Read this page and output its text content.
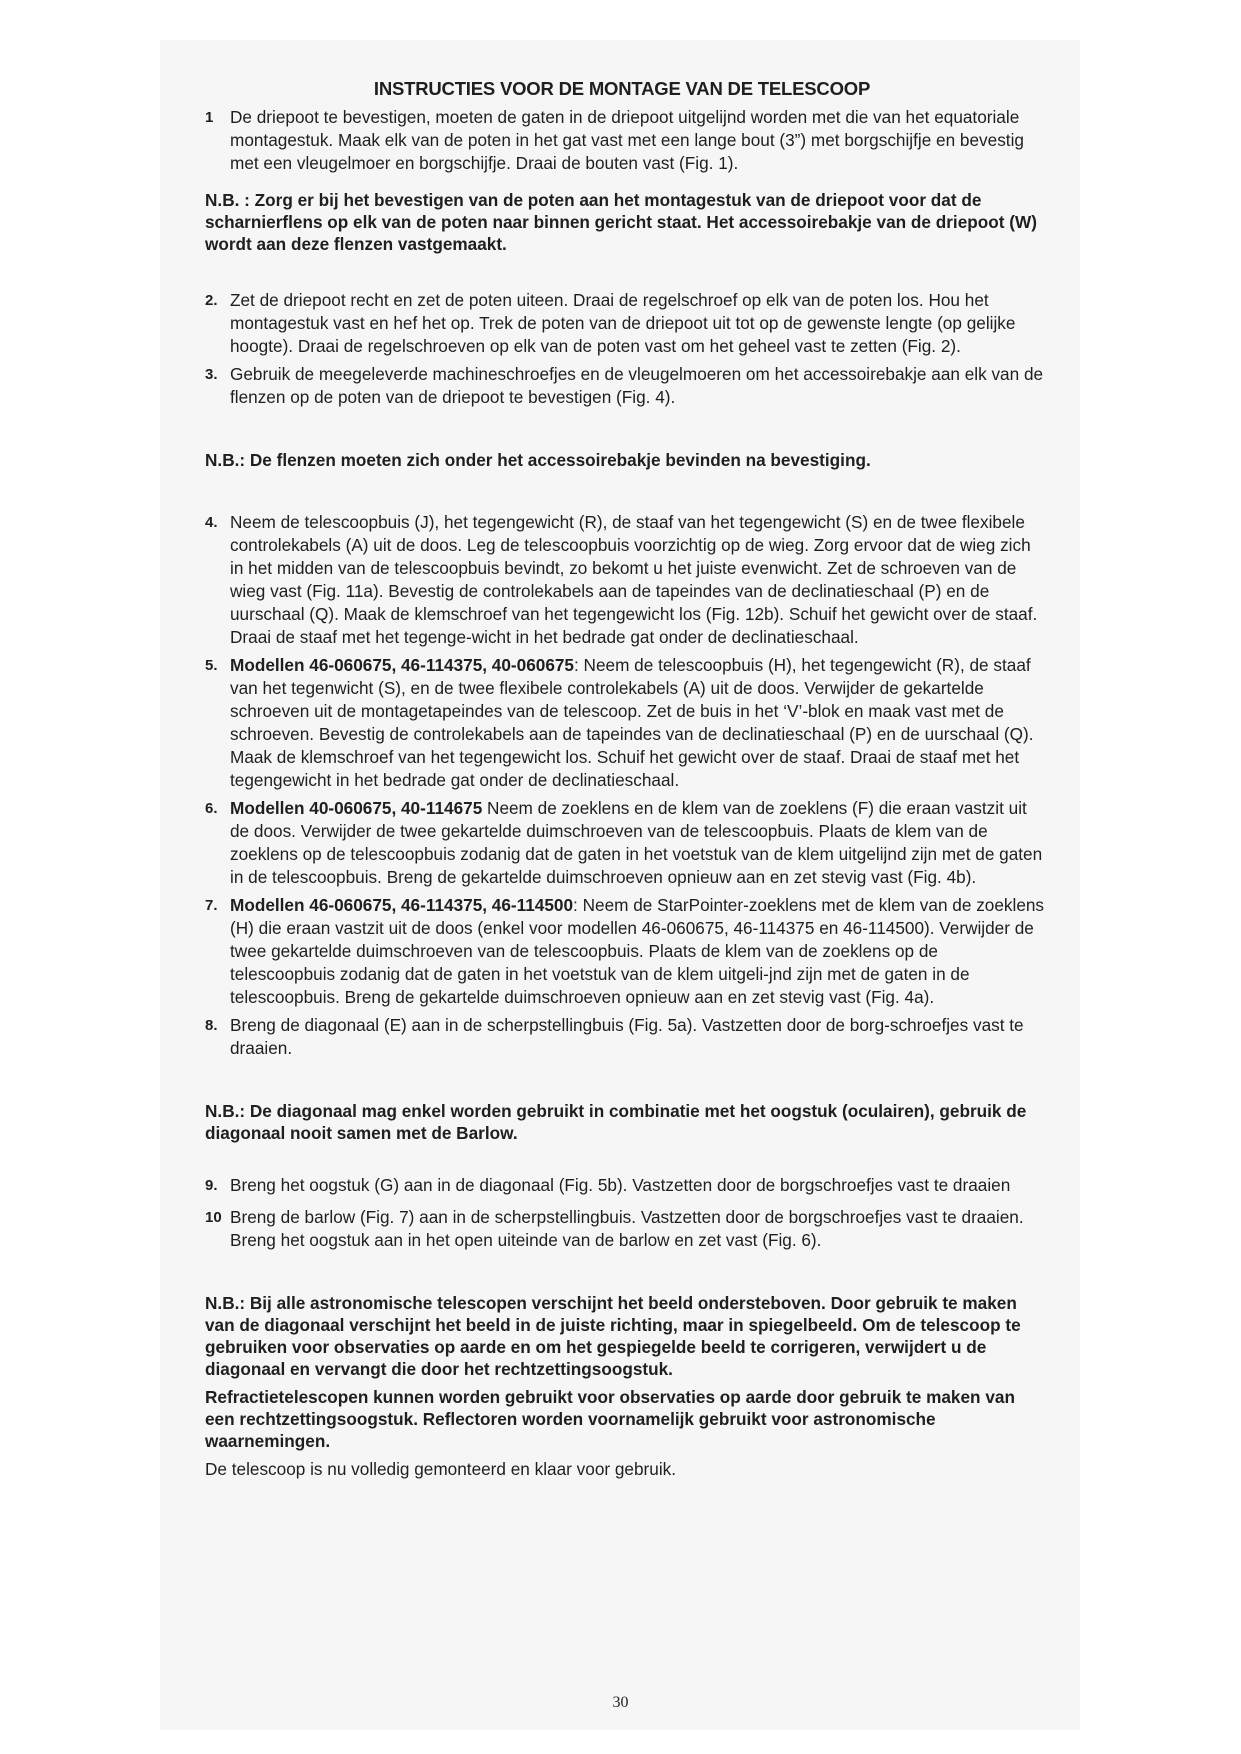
INSTRUCTIES VOOR DE MONTAGE VAN DE TELESCOOP
1 De driepoot te bevestigen, moeten de gaten in de driepoot uitgelijnd worden met die van het equatoriale montagestuk. Maak elk van de poten in het gat vast met een lange bout (3”) met borgschijfje en bevestig met een vleugelmoer en borgschijfje. Draai de bouten vast (Fig. 1).
N.B. : Zorg er bij het bevestigen van de poten aan het montagestuk van de driepoot voor dat de scharnierflens op elk van de poten naar binnen gericht staat. Het accessoirebakje van de driepoot (W) wordt aan deze flenzen vastgemaakt.
2. Zet de driepoot recht en zet de poten uiteen. Draai de regelschroef op elk van de poten los. Hou het montagestuk vast en hef het op. Trek de poten van de driepoot uit tot op de gewenste lengte (op gelijke hoogte). Draai de regelschroeven op elk van de poten vast om het geheel vast te zetten (Fig. 2).
3. Gebruik de meegeleverde machineschroefjes en de vleugelmoeren om het accessoirebakje aan elk van de flenzen op de poten van de driepoot te bevestigen (Fig. 4).
N.B.: De flenzen moeten zich onder het accessoirebakje bevinden na bevestiging.
4. Neem de telescoopbuis (J), het tegengewicht (R), de staaf van het tegengewicht (S) en de twee flexibele controlekabels (A) uit de doos. Leg de telescoopbuis voorzichtig op de wieg. Zorg ervoor dat de wieg zich in het midden van de telescoopbuis bevindt, zo bekomt u het juiste evenwicht. Zet de schroeven van de wieg vast (Fig. 11a). Bevestig de controlekabels aan de tapeindes van de declinatieschaal (P) en de uurschaal (Q). Maak de klemschroef van het tegengewicht los (Fig. 12b). Schuif het gewicht over de staaf. Draai de staaf met het tegenge-wicht in het bedrade gat onder de declinatieschaal.
5. Modellen 46-060675, 46-114375, 40-060675: Neem de telescoopbuis (H), het tegengewicht (R), de staaf van het tegenwicht (S), en de twee flexibele controlekabels (A) uit de doos. Verwijder de gekartelde schroeven uit de montagetapeindes van de telescoop. Zet de buis in het ‘V’-blok en maak vast met de schroeven. Bevestig de controlekabels aan de tapeindes van de declinatieschaal (P) en de uurschaal (Q). Maak de klemschroef van het tegengewicht los. Schuif het gewicht over de staaf. Draai de staaf met het tegengewicht in het bedrade gat onder de declinatieschaal.
6. Modellen 40-060675, 40-114675 Neem de zoeklens en de klem van de zoeklens (F) die eraan vastzit uit de doos. Verwijder de twee gekartelde duimschroeven van de telescoopbuis. Plaats de klem van de zoeklens op de telescoopbuis zodanig dat de gaten in het voetstuk van de klem uitgelijnd zijn met de gaten in de telescoopbuis. Breng de gekartelde duimschroeven opnieuw aan en zet stevig vast (Fig. 4b).
7. Modellen 46-060675, 46-114375, 46-114500: Neem de StarPointer-zoeklens met de klem van de zoeklens (H) die eraan vastzit uit de doos (enkel voor modellen 46-060675, 46-114375 en 46-114500). Verwijder de twee gekartelde duimschroeven van de telescoopbuis. Plaats de klem van de zoeklens op de telescoopbuis zodanig dat de gaten in het voetstuk van de klem uitgeli-jnd zijn met de gaten in de telescoopbuis. Breng de gekartelde duimschroeven opnieuw aan en zet stevig vast (Fig. 4a).
8. Breng de diagonaal (E) aan in de scherpstellingbuis (Fig. 5a). Vastzetten door de borg-schroefjes vast te draaien.
N.B.: De diagonaal mag enkel worden gebruikt in combinatie met het oogstuk (oculairen), gebruik de diagonaal nooit samen met de Barlow.
9. Breng het oogstuk (G) aan in de diagonaal (Fig. 5b). Vastzetten door de borgschroefjes vast te draaien
10 Breng de barlow (Fig. 7) aan in de scherpstellingbuis. Vastzetten door de borgschroefjes vast te draaien. Breng het oogstuk aan in het open uiteinde van de barlow en zet vast (Fig. 6).
N.B.: Bij alle astronomische telescopen verschijnt het beeld ondersteboven. Door gebruik te maken van de diagonaal verschijnt het beeld in de juiste richting, maar in spiegelbeeld. Om de telescoop te gebruiken voor observaties op aarde en om het gespiegelde beeld te corrigeren, verwijdert u de diagonaal en vervangt die door het rechtzettingsoogstuk.
Refractietelescopen kunnen worden gebruikt voor observaties op aarde door gebruik te maken van een rechtzettingsoogstuk. Reflectoren worden voornamelijk gebruikt voor astronomische waarnemingen.
De telescoop is nu volledig gemonteerd en klaar voor gebruik.
30
